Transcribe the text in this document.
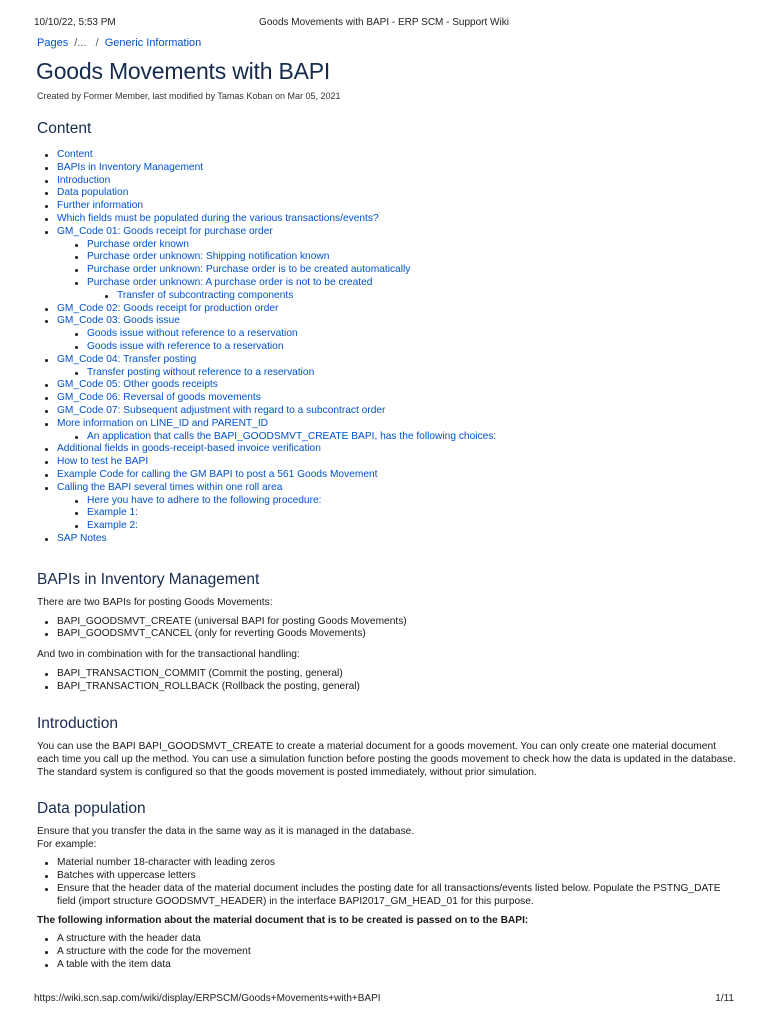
10/10/22, 5:53 PM	Goods Movements with BAPI - ERP SCM - Support Wiki
Pages /... / Generic Information
Goods Movements with BAPI
Created by Former Member, last modified by Tamas Koban on Mar 05, 2021
Content
Content
BAPIs in Inventory Management
Introduction
Data population
Further information
Which fields must be populated during the various transactions/events?
GM_Code 01: Goods receipt for purchase order
Purchase order known
Purchase order unknown: Shipping notification known
Purchase order unknown: Purchase order is to be created automatically
Purchase order unknown: A purchase order is not to be created
Transfer of subcontracting components
GM_Code 02: Goods receipt for production order
GM_Code 03: Goods issue
Goods issue without reference to a reservation
Goods issue with reference to a reservation
GM_Code 04: Transfer posting
Transfer posting without reference to a reservation
GM_Code 05: Other goods receipts
GM_Code 06: Reversal of goods movements
GM_Code 07: Subsequent adjustment with regard to a subcontract order
More information on LINE_ID and PARENT_ID
An application that calls the BAPI_GOODSMVT_CREATE BAPI, has the following choices:
Additional fields in goods-receipt-based invoice verification
How to test he BAPI
Example Code for calling the GM BAPI to post a 561 Goods Movement
Calling the BAPI several times within one roll area
Here you have to adhere to the following procedure:
Example 1:
Example 2:
SAP Notes
BAPIs in Inventory Management

There are two BAPIs for posting Goods Movements:

BAPI_GOODSMVT_CREATE (universal BAPI for posting Goods Movements)
BAPI_GOODSMVT_CANCEL (only for reverting Goods Movements)

And two in combination with for the transactional handling:

BAPI_TRANSACTION_COMMIT (Commit the posting, general)
BAPI_TRANSACTION_ROLLBACK (Rollback the posting, general)
Introduction

You can use the BAPI BAPI_GOODSMVT_CREATE to create a material document for a goods movement. You can only create one material document each time you call up the method. You can use a simulation function before posting the goods movement to check how the data is updated in the database. The standard system is configured so that the goods movement is posted immediately, without prior simulation.

Data population

Ensure that you transfer the data in the same way as it is managed in the database.

For example:

Material number 18-character with leading zeros
Batches with uppercase letters
Ensure that the header data of the material document includes the posting date for all transactions/events listed below. Populate the PSTNG_DATE field (import structure GOODSMVT_HEADER) in the interface BAPI2017_GM_HEAD_01 for this purpose.

The following information about the material document that is to be created is passed on to the BAPI:

A structure with the header data
A structure with the code for the movement
A table with the item data
https://wiki.scn.sap.com/wiki/display/ERPSCM/Goods+Movements+with+BAPI	1/11
